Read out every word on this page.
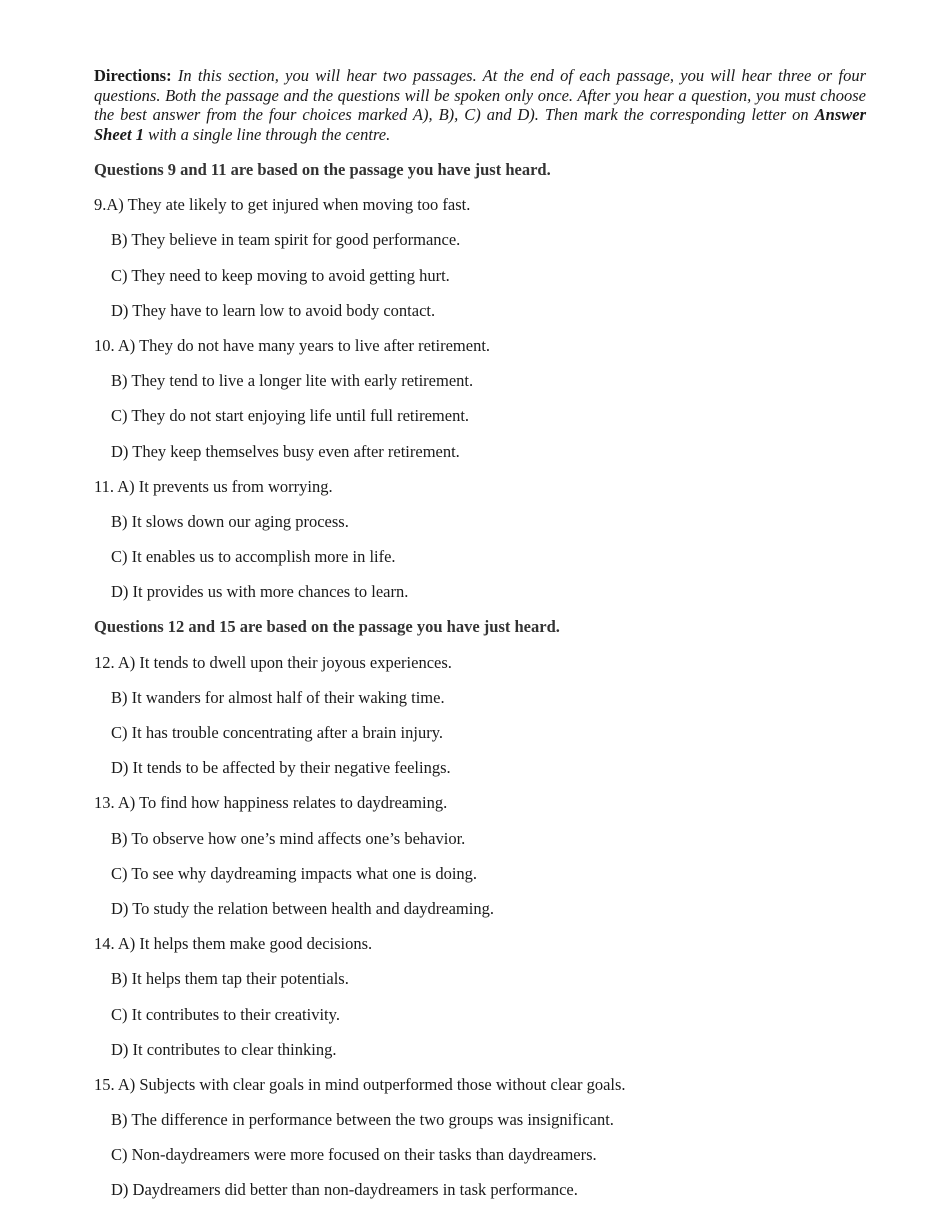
Directions: In this section, you will hear two passages. At the end of each passage, you will hear three or four questions. Both the passage and the questions will be spoken only once. After you hear a question, you must choose the best answer from the four choices marked A), B), C) and D). Then mark the corresponding letter on Answer Sheet 1 with a single line through the centre.

Questions 9 and 11 are based on the passage you have just heard.
9.A) They ate likely to get injured when moving too fast.
B) They believe in team spirit for good performance.
C) They need to keep moving to avoid getting hurt.
D) They have to learn low to avoid body contact.
10. A) They do not have many years to live after retirement.
B) They tend to live a longer lite with early retirement.
C) They do not start enjoying life until full retirement.
D) They keep themselves busy even after retirement.
11. A) It prevents us from worrying.
B) It slows down our aging process.
C) It enables us to accomplish more in life.
D) It provides us with more chances to learn.
Questions 12 and 15 are based on the passage you have just heard.
12. A) It tends to dwell upon their joyous experiences.
B) It wanders for almost half of their waking time.
C) It has trouble concentrating after a brain injury.
D) It tends to be affected by their negative feelings.
13. A) To find how happiness relates to daydreaming.
B) To observe how one’s mind affects one’s behavior.
C) To see why daydreaming impacts what one is doing.
D) To study the relation between health and daydreaming.
14. A) It helps them make good decisions.
B) It helps them tap their potentials.
C) It contributes to their creativity.
D) It contributes to clear thinking.
15. A) Subjects with clear goals in mind outperformed those without clear goals.
B) The difference in performance between the two groups was insignificant.
C) Non-daydreamers were more focused on their tasks than daydreamers.
D) Daydreamers did better than non-daydreamers in task performance.
